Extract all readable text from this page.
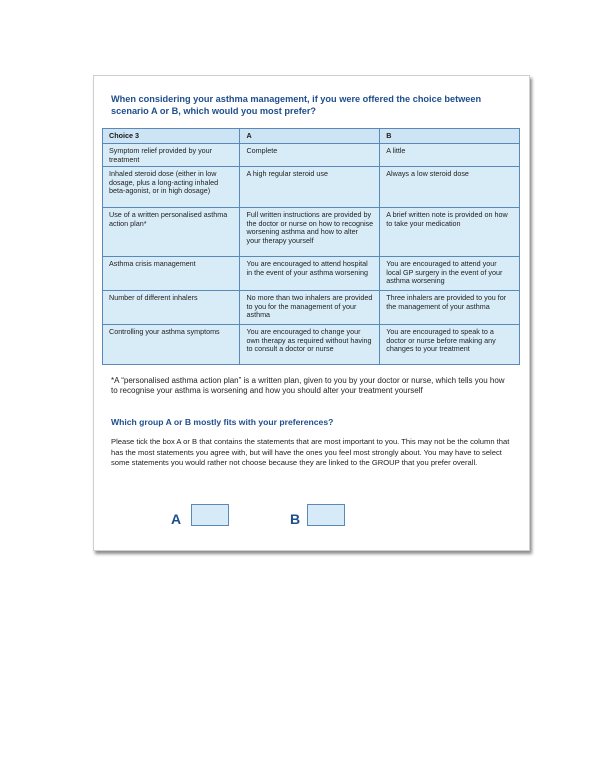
When considering your asthma management, if you were offered the choice between scenario A or B, which would you most prefer?
Choice 3	A	B
Symptom relief provided by your treatment	Complete	A little
Inhaled steroid dose (either in low dosage, plus a long-acting inhaled beta-agonist, or in high dosage)	A high regular steroid use	Always a low steroid dose
Use of a written personalised asthma action plan*	Full written instructions are provided by the doctor or nurse on how to recognise worsening asthma and how to alter your therapy yourself	A brief written note is provided on how to take your medication
Asthma crisis management	You are encouraged to attend hospital in the event of your asthma worsening	You are encouraged to attend your local GP surgery in the event of your asthma worsening
Number of different inhalers	No more than two inhalers are provided to you for the management of your asthma	Three inhalers are provided to you for the management of your asthma
Controlling your asthma symptoms	You are encouraged to change your own therapy as required without having to consult a doctor or nurse	You are encouraged to speak to a doctor or nurse before making any changes to your treatment
*A “personalised asthma action plan” is a written plan, given to you by your doctor or nurse, which tells you how to recognise your asthma is worsening and how you should alter your treatment yourself
Which group A or B mostly fits with your preferences?
Please tick the box A or B that contains the statements that are most important to you. This may not be the column that has the most statements you agree with, but will have the ones you feel most strongly about. You may have to select some statements you would rather not choose because they are linked to the GROUP that you prefer overall.
A	B
